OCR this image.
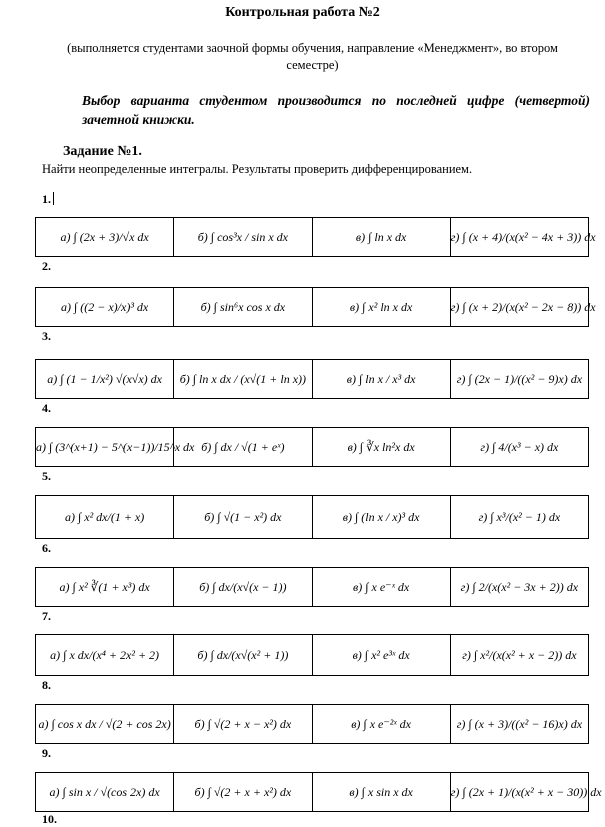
Контрольная работа №2
(выполняется студентами заочной формы обучения, направление «Менеджмент», во втором семестре)
Выбор варианта студентом производится по последней цифре (четвертой) зачетной книжки.
Задание №1.
Найти неопределенные интегралы. Результаты проверить дифференцированием.
1.
а) ∫ (2x + 3)/√x dx	б) ∫ cos³x / sin x dx	в) ∫ ln x dx	г) ∫ (x + 4)/(x(x² − 4x + 3)) dx
2.
а) ∫ ((2 − x)/x)³ dx	б) ∫ sin⁶x cos x dx	в) ∫ x² ln x dx	г) ∫ (x + 2)/(x(x² − 2x − 8)) dx
3.
а) ∫ (1 − 1/x²) √(x√x) dx	б) ∫ ln x dx / (x√(1 + ln x))	в) ∫ ln x / x³ dx	г) ∫ (2x − 1)/((x² − 9)x) dx
4.
а) ∫ (3^(x+1) − 5^(x−1))/15^x dx	б) ∫ dx / √(1 + eˣ)	в) ∫ ∛x ln²x dx	г) ∫ 4/(x³ − x) dx
5.
а) ∫ x² dx/(1 + x)	б) ∫ √(1 − x²) dx	в) ∫ (ln x / x)³ dx	г) ∫ x³/(x² − 1) dx
6.
а) ∫ x² ∛(1 + x³) dx	б) ∫ dx/(x√(x − 1))	в) ∫ x e⁻ˣ dx	г) ∫ 2/(x(x² − 3x + 2)) dx
7.
а) ∫ x dx/(x⁴ + 2x² + 2)	б) ∫ dx/(x√(x² + 1))	в) ∫ x² e³ˣ dx	г) ∫ x²/(x(x² + x − 2)) dx
8.
а) ∫ cos x dx / √(2 + cos 2x)	б) ∫ √(2 + x − x²) dx	в) ∫ x e⁻²ˣ dx	г) ∫ (x + 3)/((x² − 16)x) dx
9.
а) ∫ sin x / √(cos 2x) dx	б) ∫ √(2 + x + x²) dx	в) ∫ x sin x dx	г) ∫ (2x + 1)/(x(x² + x − 30)) dx
10.
